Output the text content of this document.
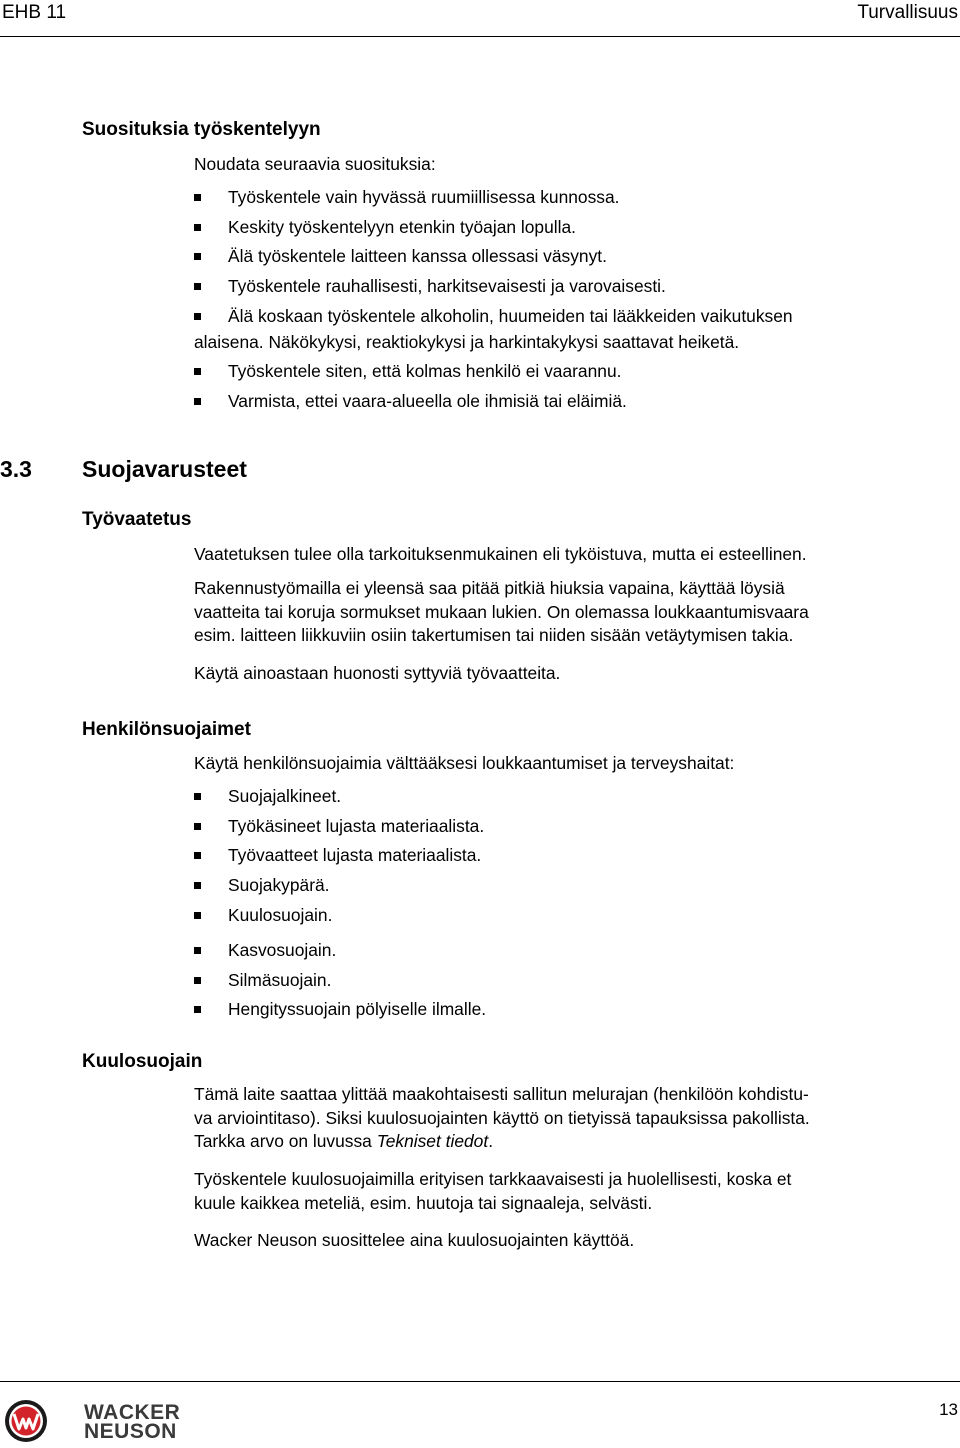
EHB 11	Turvallisuus
Suosituksia työskentelyyn
Noudata seuraavia suosituksia:
Työskentele vain hyvässä ruumiillisessa kunnossa.
Keskity työskentelyyn etenkin työajan lopulla.
Älä työskentele laitteen kanssa ollessasi väsynyt.
Työskentele rauhallisesti, harkitsevaisesti ja varovaisesti.
Älä koskaan työskentele alkoholin, huumeiden tai lääkkeiden vaikutuksen
alaisena. Näkökykysi, reaktiokykysi ja harkintakykysi saattavat heiketä.
Työskentele siten, että kolmas henkilö ei vaarannu.
Varmista, ettei vaara-alueella ole ihmisiä tai eläimiä.
3.3 Suojavarusteet
Työvaatetus

Vaatetuksen tulee olla tarkoituksenmukainen eli tyköistuva, mutta ei esteellinen.

Rakennustyömailla ei yleensä saa pitää pitkiä hiuksia vapaina, käyttää löysiä
vaatteita tai koruja sormukset mukaan lukien. On olemassa loukkaantumisvaara
esim. laitteen liikkuviin osiin takertumisen tai niiden sisään vetäytymisen takia.

Käytä ainoastaan huonosti syttyviä työvaatteita.

Henkilönsuojaimet

Käytä henkilönsuojaimia välttääksesi loukkaantumiset ja terveyshaitat:

Suojajalkineet.
Työkäsineet lujasta materiaalista.
Työvaatteet lujasta materiaalista.
Suojakypärä.
Kuulosuojain.
Kasvosuojain.
Silmäsuojain.
Hengityssuojain pölyiselle ilmalle.
Kuulosuojain
Tämä laite saattaa ylittää maakohtaisesti sallitun melurajan (henkilöön kohdistu-
va arviointitaso). Siksi kuulosuojainten käyttö on tietyissä tapauksissa pakollista.
Tarkka arvo on luvussa Tekniset tiedot.
Työskentele kuulosuojaimilla erityisen tarkkaavaisesti ja huolellisesti, koska et
kuule kaikkea meteliä, esim. huutoja tai signaaleja, selvästi.

Wacker Neuson suosittelee aina kuulosuojainten käyttöä.

WACKER
NEUSON
13
